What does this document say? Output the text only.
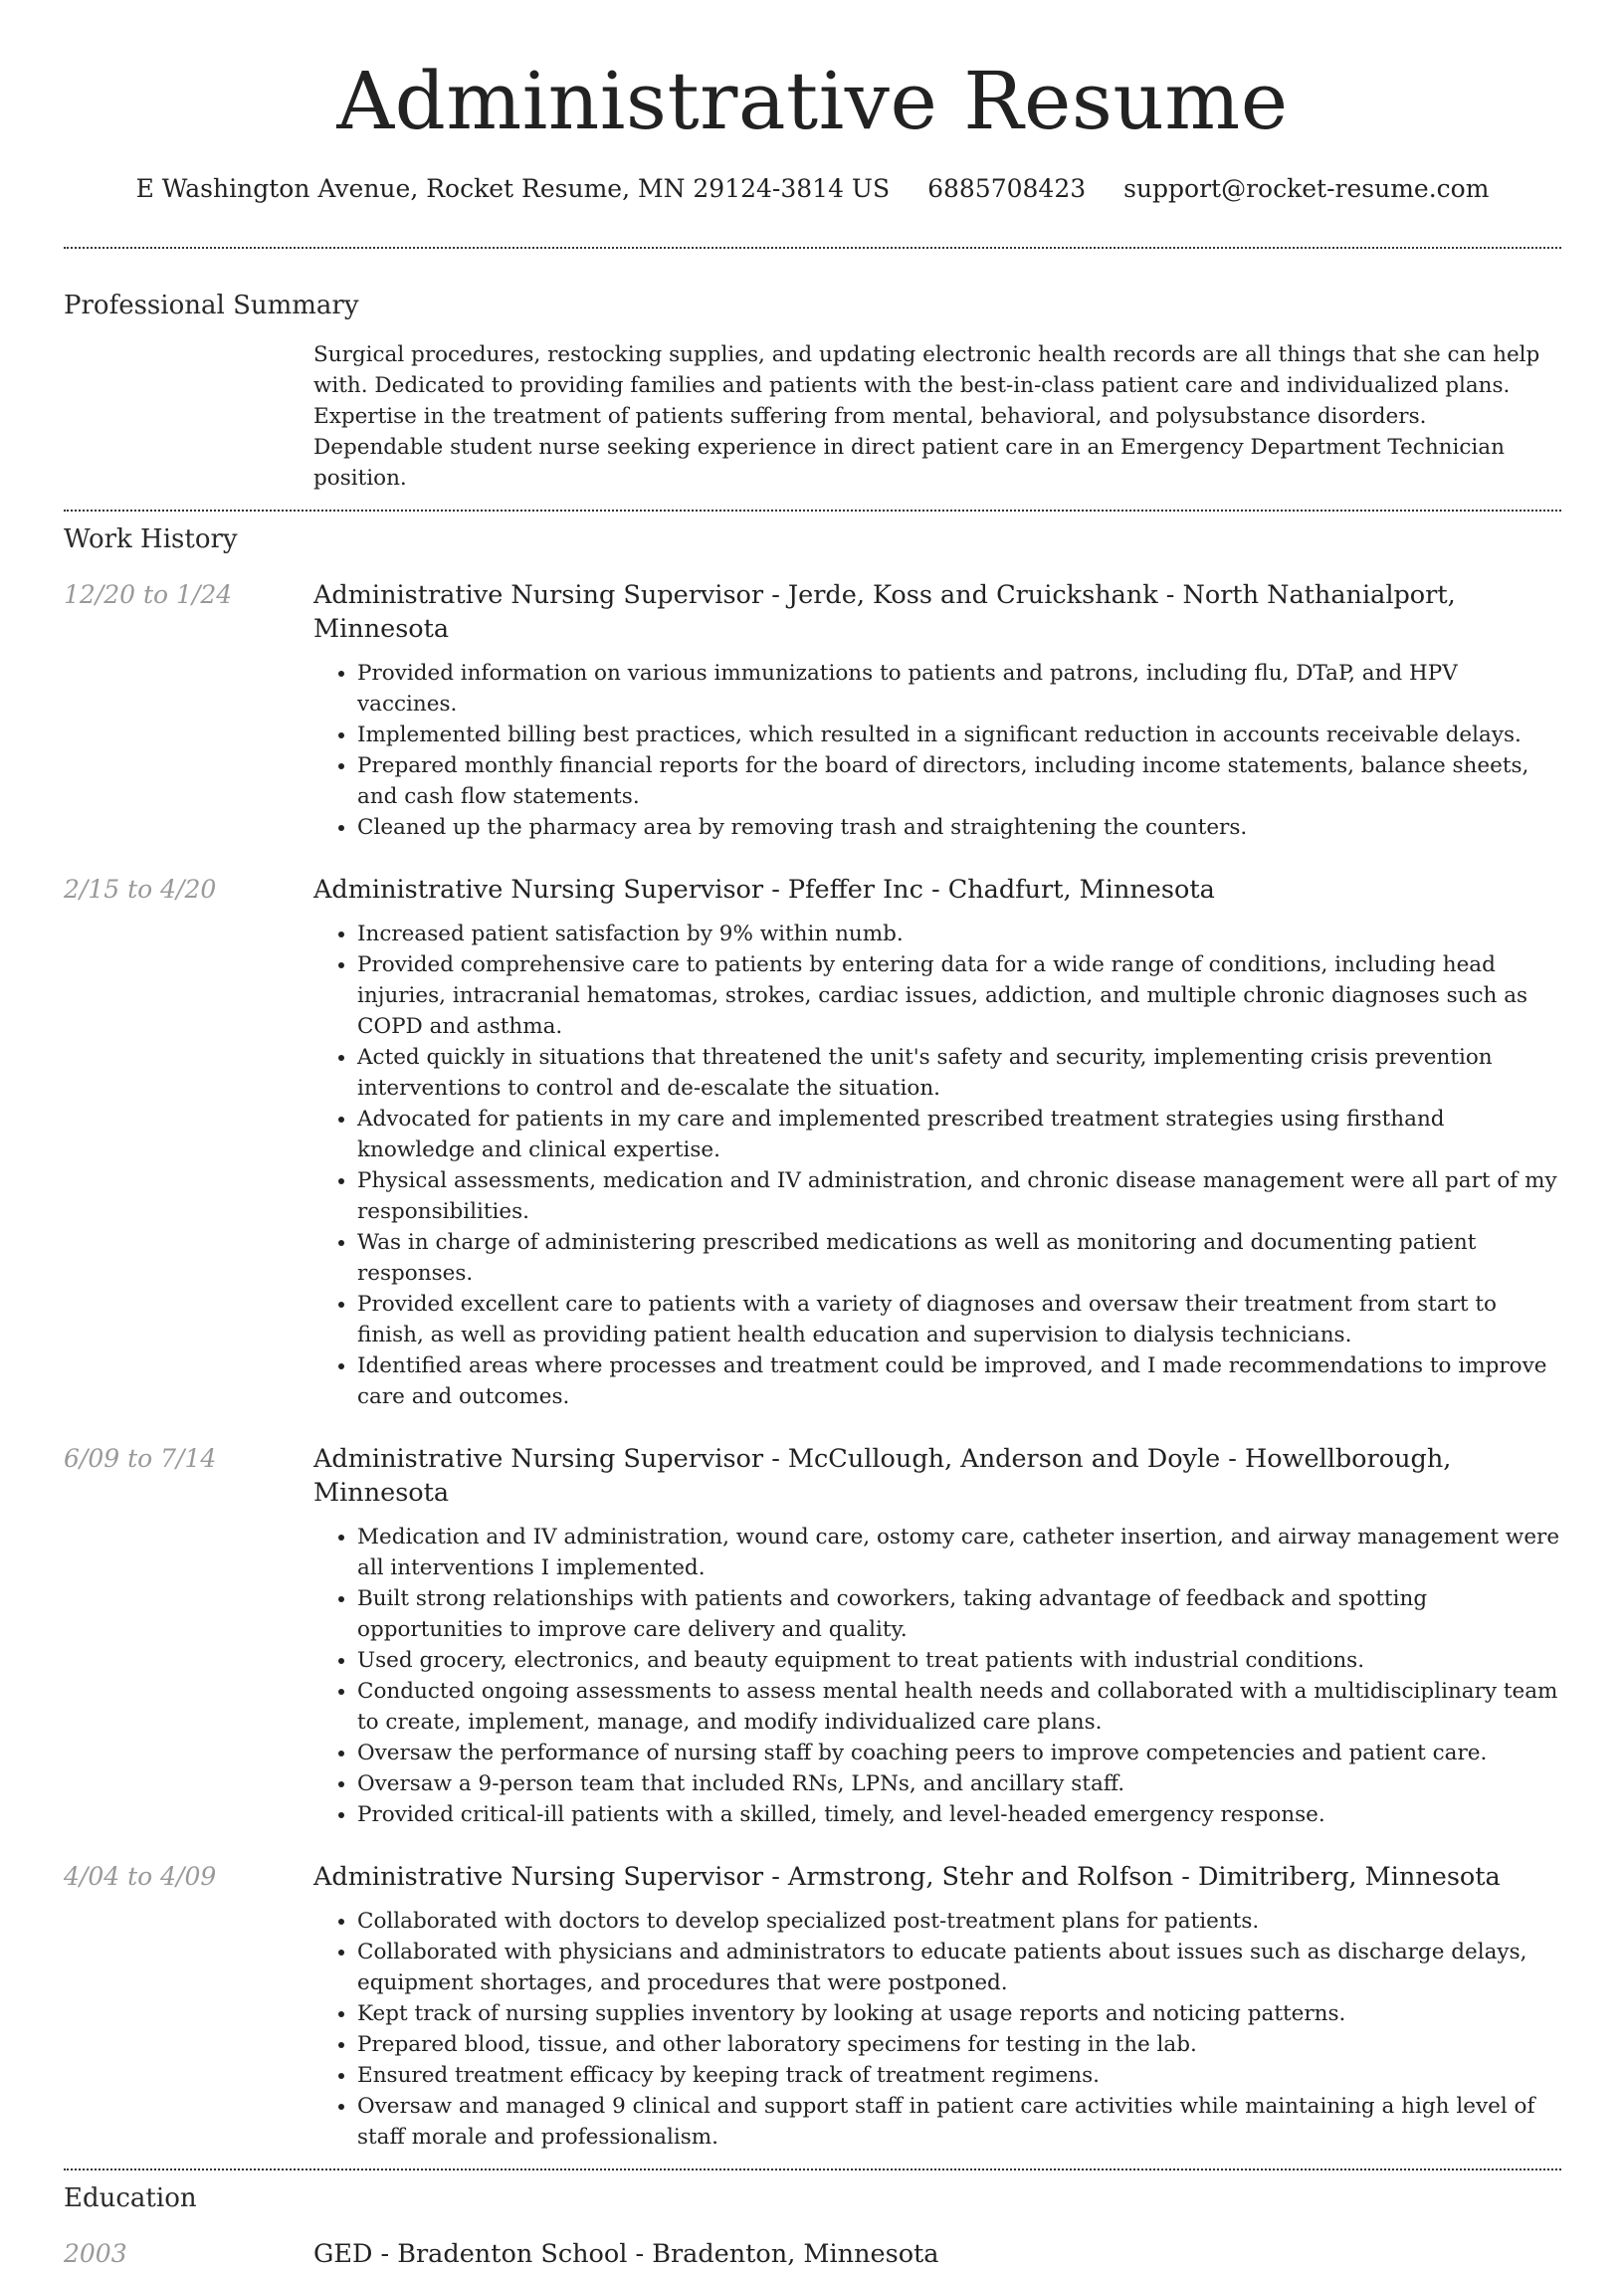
Administrative Resume
E Washington Avenue, Rocket Resume, MN 29124-3814 US 6885708423 support@rocket-resume.com
Professional Summary
Surgical procedures, restocking supplies, and updating electronic health records are all things that she can help with. Dedicated to providing families and patients with the best-in-class patient care and individualized plans. Expertise in the treatment of patients suffering from mental, behavioral, and polysubstance disorders. Dependable student nurse seeking experience in direct patient care in an Emergency Department Technician position.
Work History
12/20 to 1/24	Administrative Nursing Supervisor - Jerde, Koss and Cruickshank - North Nathanialport, Minnesota
• Provided information on various immunizations to patients and patrons, including flu, DTaP, and HPV vaccines.
• Implemented billing best practices, which resulted in a significant reduction in accounts receivable delays.
• Prepared monthly financial reports for the board of directors, including income statements, balance sheets, and cash flow statements.
• Cleaned up the pharmacy area by removing trash and straightening the counters.
2/15 to 4/20	Administrative Nursing Supervisor - Pfeffer Inc - Chadfurt, Minnesota
• Increased patient satisfaction by 9% within numb.
• Provided comprehensive care to patients by entering data for a wide range of conditions, including head injuries, intracranial hematomas, strokes, cardiac issues, addiction, and multiple chronic diagnoses such as COPD and asthma.
• Acted quickly in situations that threatened the unit's safety and security, implementing crisis prevention interventions to control and de-escalate the situation.
• Advocated for patients in my care and implemented prescribed treatment strategies using firsthand knowledge and clinical expertise.
• Physical assessments, medication and IV administration, and chronic disease management were all part of my responsibilities.
• Was in charge of administering prescribed medications as well as monitoring and documenting patient responses.
• Provided excellent care to patients with a variety of diagnoses and oversaw their treatment from start to finish, as well as providing patient health education and supervision to dialysis technicians.
• Identified areas where processes and treatment could be improved, and I made recommendations to improve care and outcomes.
6/09 to 7/14	Administrative Nursing Supervisor - McCullough, Anderson and Doyle - Howellborough, Minnesota
• Medication and IV administration, wound care, ostomy care, catheter insertion, and airway management were all interventions I implemented.
• Built strong relationships with patients and coworkers, taking advantage of feedback and spotting opportunities to improve care delivery and quality.
• Used grocery, electronics, and beauty equipment to treat patients with industrial conditions.
• Conducted ongoing assessments to assess mental health needs and collaborated with a multidisciplinary team to create, implement, manage, and modify individualized care plans.
• Oversaw the performance of nursing staff by coaching peers to improve competencies and patient care.
• Oversaw a 9-person team that included RNs, LPNs, and ancillary staff.
• Provided critical-ill patients with a skilled, timely, and level-headed emergency response.
4/04 to 4/09	Administrative Nursing Supervisor - Armstrong, Stehr and Rolfson - Dimitriberg, Minnesota
• Collaborated with doctors to develop specialized post-treatment plans for patients.
• Collaborated with physicians and administrators to educate patients about issues such as discharge delays, equipment shortages, and procedures that were postponed.
• Kept track of nursing supplies inventory by looking at usage reports and noticing patterns.
• Prepared blood, tissue, and other laboratory specimens for testing in the lab.
• Ensured treatment efficacy by keeping track of treatment regimens.
• Oversaw and managed 9 clinical and support staff in patient care activities while maintaining a high level of staff morale and professionalism.
Education
2003	GED - Bradenton School - Bradenton, Minnesota
